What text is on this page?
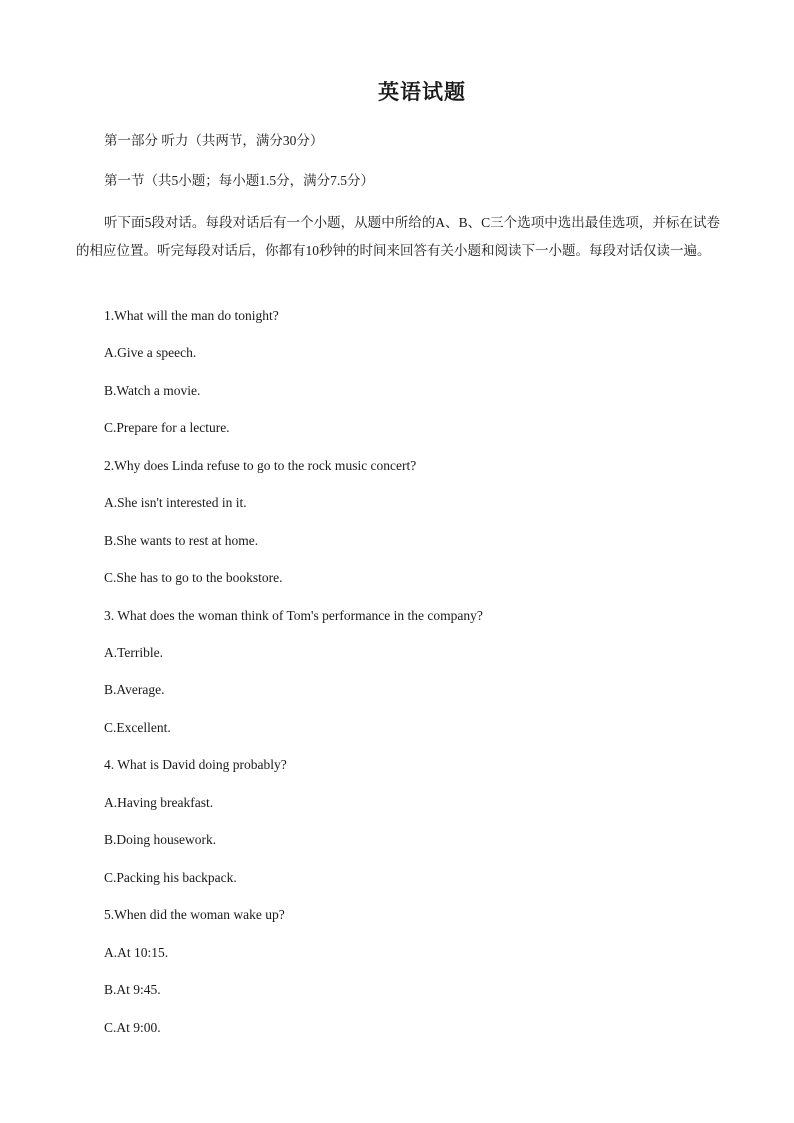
英语试题
第一部分 听力（共两节，满分30分）
第一节（共5小题；每小题1.5分，满分7.5分）
听下面5段对话。每段对话后有一个小题，从题中所给的A、B、C三个选项中选出最佳选项，并标在试卷的相应位置。听完每段对话后，你都有10秒钟的时间来回答有关小题和阅读下一小题。每段对话仅读一遍。
1.What will the man do tonight?
A.Give a speech.
B.Watch a movie.
C.Prepare for a lecture.
2.Why does Linda refuse to go to the rock music concert?
A.She isn't interested in it.
B.She wants to rest at home.
C.She has to go to the bookstore.
3. What does the woman think of Tom's performance in the company?
A.Terrible.
B.Average.
C.Excellent.
4. What is David doing probably?
A.Having breakfast.
B.Doing housework.
C.Packing his backpack.
5.When did the woman wake up?
A.At 10:15.
B.At 9:45.
C.At 9:00.
